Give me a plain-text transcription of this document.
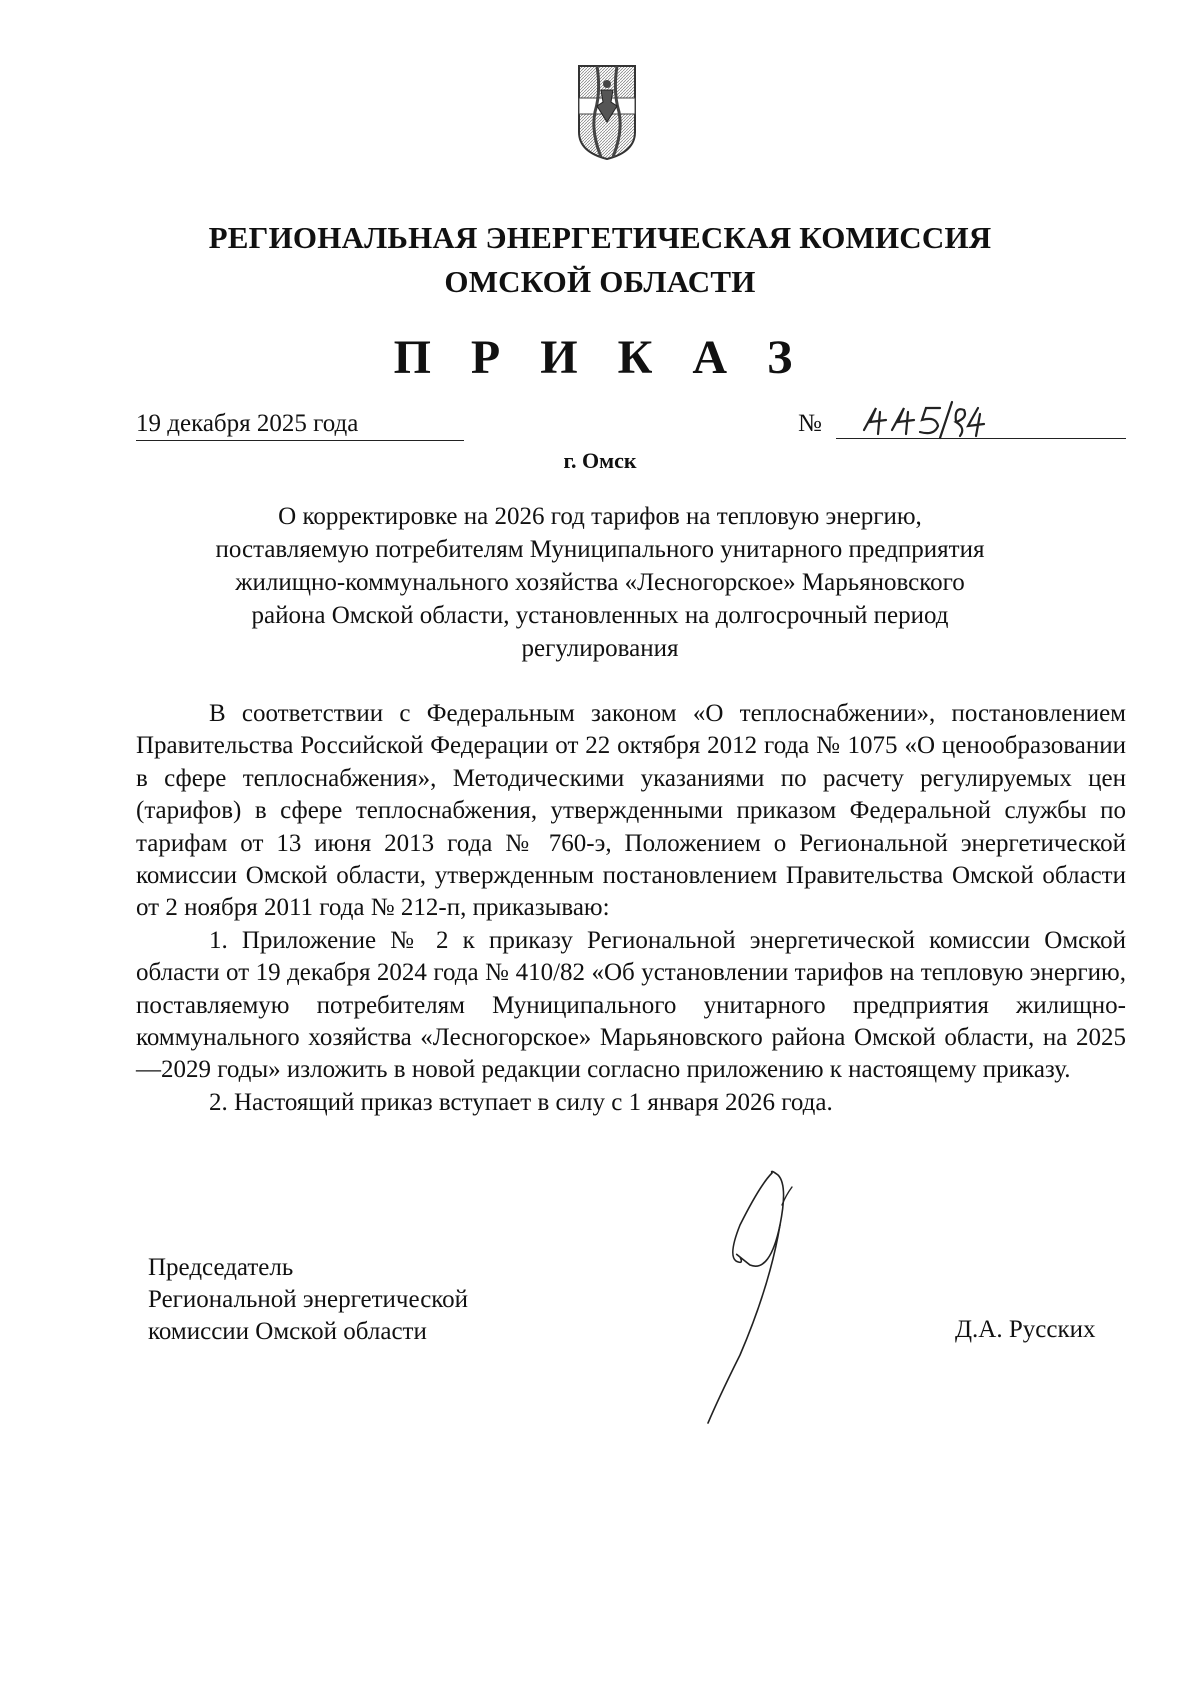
РЕГИОНАЛЬНАЯ ЭНЕРГЕТИЧЕСКАЯ КОМИССИЯ
ОМСКОЙ ОБЛАСТИ
П Р И К А З
19 декабря 2025 года	№
г. Омск
О корректировке на 2026 год тарифов на тепловую энергию,
поставляемую потребителям Муниципального унитарного предприятия
жилищно-коммунального хозяйства «Лесногорское» Марьяновского
района Омской области, установленных на долгосрочный период
регулирования

В соответствии с Федеральным законом «О теплоснабжении», постановлением Правительства Российской Федерации от 22 октября 2012 года № 1075 «О ценообразовании в сфере теплоснабжения», Методическими указаниями по расчету регулируемых цен (тарифов) в сфере теплоснабжения, утвержденными приказом Федеральной службы по тарифам от 13 июня 2013 года № 760-э, Положением о Региональной энергетической комиссии Омской области, утвержденным постановлением Правительства Омской области от 2 ноября 2011 года № 212-п, приказываю:

1. Приложение № 2 к приказу Региональной энергетической комиссии Омской области от 19 декабря 2024 года № 410/82 «Об установлении тарифов на тепловую энергию, поставляемую потребителям Муниципального унитарного предприятия жилищно-коммунального хозяйства «Лесногорское» Марьяновского района Омской области, на 2025—2029 годы» изложить в новой редакции согласно приложению к настоящему приказу.

2. Настоящий приказ вступает в силу с 1 января 2026 года.

Председатель
Региональной энергетической
комиссии Омской области	Д.А. Русских
